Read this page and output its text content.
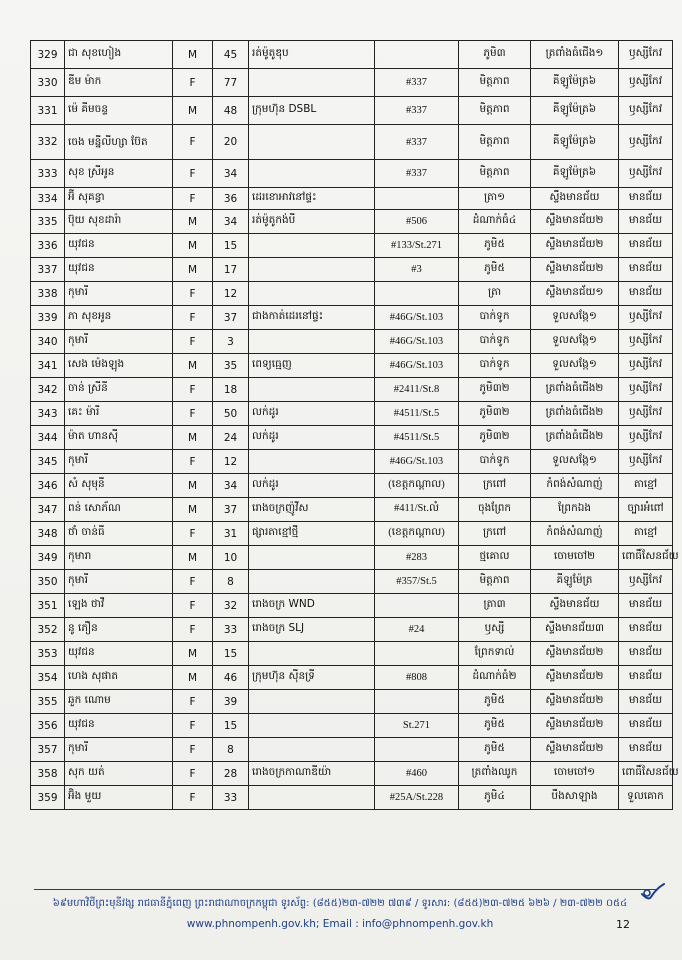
329	ជា សុខហៀង	M	45	រត់ម៉ូតូឌុប		ភូមិ៣	ត្រពាំងធំជើង១	ឫស្សីកែវ
330	ឌីម ម៉ាក	F	77		#337	មិត្តភាព	គីឡូម៉ែត្រ៦	ឫស្សីកែវ
331	ម៉េ គីមចន្ទ	M	48	ក្រុមហ៊ុន DSBL	#337	មិត្តភាព	គីឡូម៉ែត្រ៦	ឫស្សីកែវ
332	ចេង មន្នីលីហ្សា ប៊ែត	F	20		#337	មិត្តភាព	គីឡូម៉ែត្រ៦	ឫស្សីកែវ
333	សុខ ស្រីអូន	F	34		#337	មិត្តភាព	គីឡូម៉ែត្រ៦	ឫស្សីកែវ
334	អ៊ី សុគន្ធា	F	36	ដេរខោអាវនៅផ្ទះ		ត្រា១	ស្ទឹងមានជ័យ	មានជ័យ
335	ប៊ុយ សុខដារ៉ា	M	34	រត់ម៉ូតូកង់បី	#506	ដំណាក់ធំ៤	ស្ទឹងមានជ័យ២	មានជ័យ
336	យុវជន	M	15		#133/St.271	ភូមិ៥	ស្ទឹងមានជ័យ២	មានជ័យ
337	យុវជន	M	17		#3	ភូមិ៥	ស្ទឹងមានជ័យ២	មានជ័យ
338	កុមារី	F	12			ត្រា	ស្ទឹងមានជ័យ១	មានជ័យ
339	ភា សុខអូន	F	37	ជាងកាត់ដេរនៅផ្ទះ	#46G/St.103	បាក់ទូក	ទួលសង្កែ១	ឫស្សីកែវ
340	កុមារី	F	3		#46G/St.103	បាក់ទូក	ទួលសង្កែ១	ឫស្សីកែវ
341	សេង ម៉េងឡុង	M	35	ពេទ្យធ្មេញ	#46G/St.103	បាក់ទូក	ទួលសង្កែ១	ឫស្សីកែវ
342	ចាន់ ស្រីនី	F	18		#2411/St.8	ភូមិ៣២	ត្រពាំងធំជើង២	ឫស្សីកែវ
343	គេះ ម៉ារី	F	50	លក់ដូរ	#4511/St.5	ភូមិ៣២	ត្រពាំងធំជើង២	ឫស្សីកែវ
344	ម៉ាត ហានស៊ី	M	24	លក់ដូរ	#4511/St.5	ភូមិ៣២	ត្រពាំងធំជើង២	ឫស្សីកែវ
345	កុមារី	F	12		#46G/St.103	បាក់ទូក	ទួលសង្កែ១	ឫស្សីកែវ
346	សំ សុមុនី	M	34	លក់ដូរ	(ខេត្តកណ្តាល)	ក្រពៅ	កំពង់សំណាញ់	តាខ្មៅ
347	ពន់ សោភ័ណ	M	37	រោងចក្រញ៉ូវីស	#411/St.លំ	ចុងព្រែក	ព្រែកឯង	ច្បារអំពៅ
348	ថាំ ចាន់ធី	F	31	ផ្សារតាខ្មៅថ្មី	(ខេត្តកណ្តាល)	ក្រពៅ	កំពង់សំណាញ់	តាខ្មៅ
349	កុមារា	M	10		#283	ថ្មគោល	ចោមចៅ២	ពោធិ៍សែនជ័យ
350	កុមារី	F	8		#357/St.5	មិត្តភាព	គីឡូម៉ែត្រ	ឫស្សីកែវ
351	ឡេង ថាវី	F	32	រោងចក្រ WND		ត្រា៣	ស្ទឹងមានជ័យ	មានជ័យ
352	នូ ភឿន	F	33	រោងចក្រ SLJ	#24	ឫស្សី	ស្ទឹងមានជ័យ៣	មានជ័យ
353	យុវជន	M	15			ព្រែកទាល់	ស្ទឹងមានជ័យ២	មានជ័យ
354	ហេង សុផាត	M	46	ក្រុមហ៊ុន ស៊ីនទ្រី	#808	ដំណាក់ធំ២	ស្ទឹងមានជ័យ២	មានជ័យ
355	ឆួក ណោម	F	39			ភូមិ៥	ស្ទឹងមានជ័យ២	មានជ័យ
356	យុវជន	F	15		St.271	ភូមិ៥	ស្ទឹងមានជ័យ២	មានជ័យ
357	កុមារី	F	8			ភូមិ៥	ស្ទឹងមានជ័យ២	មានជ័យ
358	សុក យត់	F	28	រោងចក្រកាណាឌីយ៉ា	#460	ត្រពាំងឈូក	ចោមចៅ១	ពោធិ៍សែនជ័យ
359	អ៊ិង មួយ	F	33		#25A/St.228	ភូមិ៤	បឹងសាឡាង	ទួលគោក
៦៩មហាវិថីព្រះមុនីវង្ស រាជធានីភ្នំពេញ ព្រះរាជាណាចក្រកម្ពុជា ទូរស័ព្ទ: (៨៥៥)២៣-៧២២ ៧៣៩ / ទូរសារ: (៨៥៥)២៣-៧២៥ ៦២៦ / ២៣-៧២២ ០៥៤
www.phnompenh.gov.kh; Email : info@phnompenh.gov.kh	12
